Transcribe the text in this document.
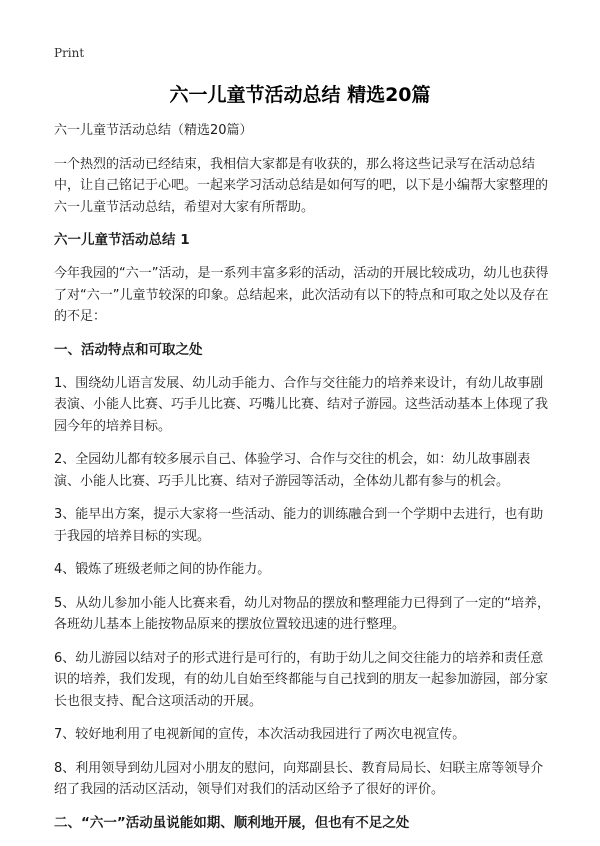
Print
六一儿童节活动总结 精选20篇

六一儿童节活动总结（精选20篇）

一个热烈的活动已经结束，我相信大家都是有收获的，那么将这些记录写在活动总结中，让自己铭记于心吧。一起来学习活动总结是如何写的吧，以下是小编帮大家整理的六一儿童节活动总结，希望对大家有所帮助。

六一儿童节活动总结 1

今年我园的“六一”活动，是一系列丰富多彩的活动，活动的开展比较成功，幼儿也获得了对“六一”儿童节较深的印象。总结起来，此次活动有以下的特点和可取之处以及存在的不足：

一、活动特点和可取之处

1、围绕幼儿语言发展、幼儿动手能力、合作与交往能力的培养来设计，有幼儿故事剧表演、小能人比赛、巧手儿比赛、巧嘴儿比赛、结对子游园。这些活动基本上体现了我园今年的培养目标。

2、全园幼儿都有较多展示自己、体验学习、合作与交往的机会，如：幼儿故事剧表演、小能人比赛、巧手儿比赛、结对子游园等活动，全体幼儿都有参与的机会。

3、能早出方案，提示大家将一些活动、能力的训练融合到一个学期中去进行，也有助于我园的培养目标的实现。

4、锻炼了班级老师之间的协作能力。

5、从幼儿参加小能人比赛来看，幼儿对物品的摆放和整理能力已得到了一定的“培养，各班幼儿基本上能按物品原来的摆放位置较迅速的进行整理。

6、幼儿游园以结对子的形式进行是可行的，有助于幼儿之间交往能力的培养和责任意识的培养，我们发现，有的幼儿自始至终都能与自己找到的朋友一起参加游园，部分家长也很支持、配合这项活动的开展。

7、较好地利用了电视新闻的宣传，本次活动我园进行了两次电视宣传。

8、利用领导到幼儿园对小朋友的慰问，向郑副县长、教育局局长、妇联主席等领导介绍了我园的活动区活动，领导们对我们的活动区给予了很好的评价。

二、“六一”活动虽说能如期、顺利地开展，但也有不足之处
